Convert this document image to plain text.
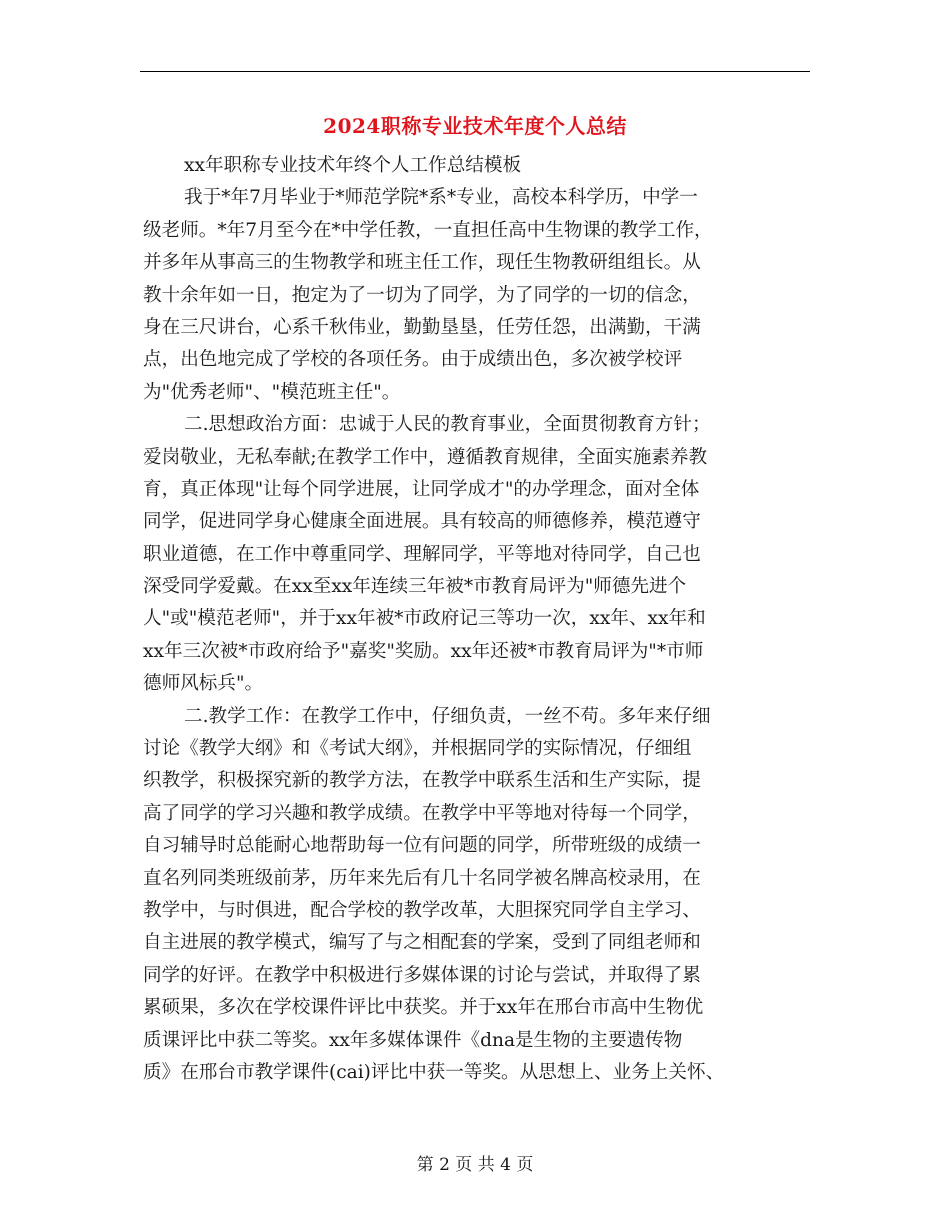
2024职称专业技术年度个人总结
xx年职称专业技术年终个人工作总结模板
我于*年7月毕业于*师范学院*系*专业，高校本科学历，中学一
级老师。*年7月至今在*中学任教，一直担任高中生物课的教学工作，
并多年从事高三的生物教学和班主任工作，现任生物教研组组长。从
教十余年如一日，抱定为了一切为了同学，为了同学的一切的信念，
身在三尺讲台，心系千秋伟业，勤勤垦垦，任劳任怨，出满勤，干满
点，出色地完成了学校的各项任务。由于成绩出色，多次被学校评
为"优秀老师"、"模范班主任"。
二.思想政治方面：忠诚于人民的教育事业，全面贯彻教育方针；
爱岗敬业，无私奉献;在教学工作中，遵循教育规律，全面实施素养教
育，真正体现"让每个同学进展，让同学成才"的办学理念，面对全体
同学，促进同学身心健康全面进展。具有较高的师德修养，模范遵守
职业道德，在工作中尊重同学、理解同学，平等地对待同学，自己也
深受同学爱戴。在xx至xx年连续三年被*市教育局评为"师德先进个
人"或"模范老师"，并于xx年被*市政府记三等功一次，xx年、xx年和
xx年三次被*市政府给予"嘉奖"奖励。xx年还被*市教育局评为"*市师
德师风标兵"。
二.教学工作：在教学工作中，仔细负责，一丝不苟。多年来仔细
讨论《教学大纲》和《考试大纲》，并根据同学的实际情况，仔细组
织教学，积极探究新的教学方法，在教学中联系生活和生产实际，提
高了同学的学习兴趣和教学成绩。在教学中平等地对待每一个同学，
自习辅导时总能耐心地帮助每一位有问题的同学，所带班级的成绩一
直名列同类班级前茅，历年来先后有几十名同学被名牌高校录用，在
教学中，与时俱进，配合学校的教学改革，大胆探究同学自主学习、
自主进展的教学模式，编写了与之相配套的学案，受到了同组老师和
同学的好评。在教学中积极进行多媒体课的讨论与尝试，并取得了累
累硕果，多次在学校课件评比中获奖。并于xx年在邢台市高中生物优
质课评比中获二等奖。xx年多媒体课件《dna是生物的主要遗传物
质》在邢台市教学课件(cai)评比中获一等奖。从思想上、业务上关怀、
第 2 页 共 4 页
